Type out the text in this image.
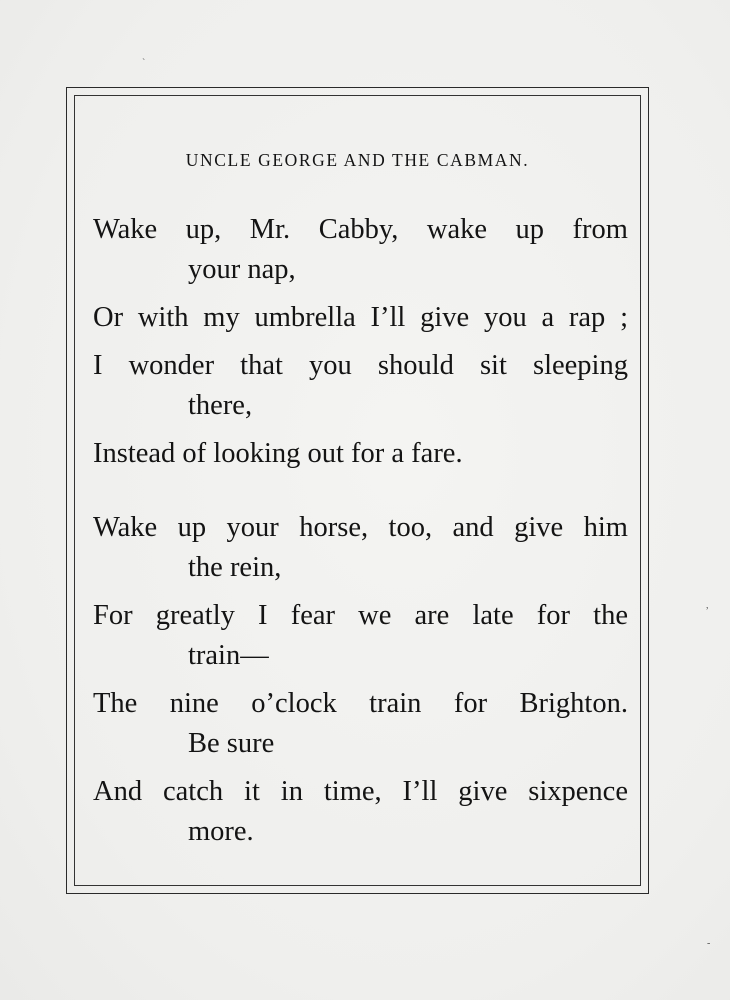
UNCLE GEORGE AND THE CABMAN.
Wake up, Mr. Cabby, wake up from
your nap,
Or with my umbrella I’ll give you a rap ;
I wonder that you should sit sleeping
there,
Instead of looking out for a fare.
Wake up your horse, too, and give him
the rein,
For greatly I fear we are late for the
train—
The nine o’clock train for Brighton.
Be sure
And catch it in time, I’ll give sixpence
more.
`
,
-
